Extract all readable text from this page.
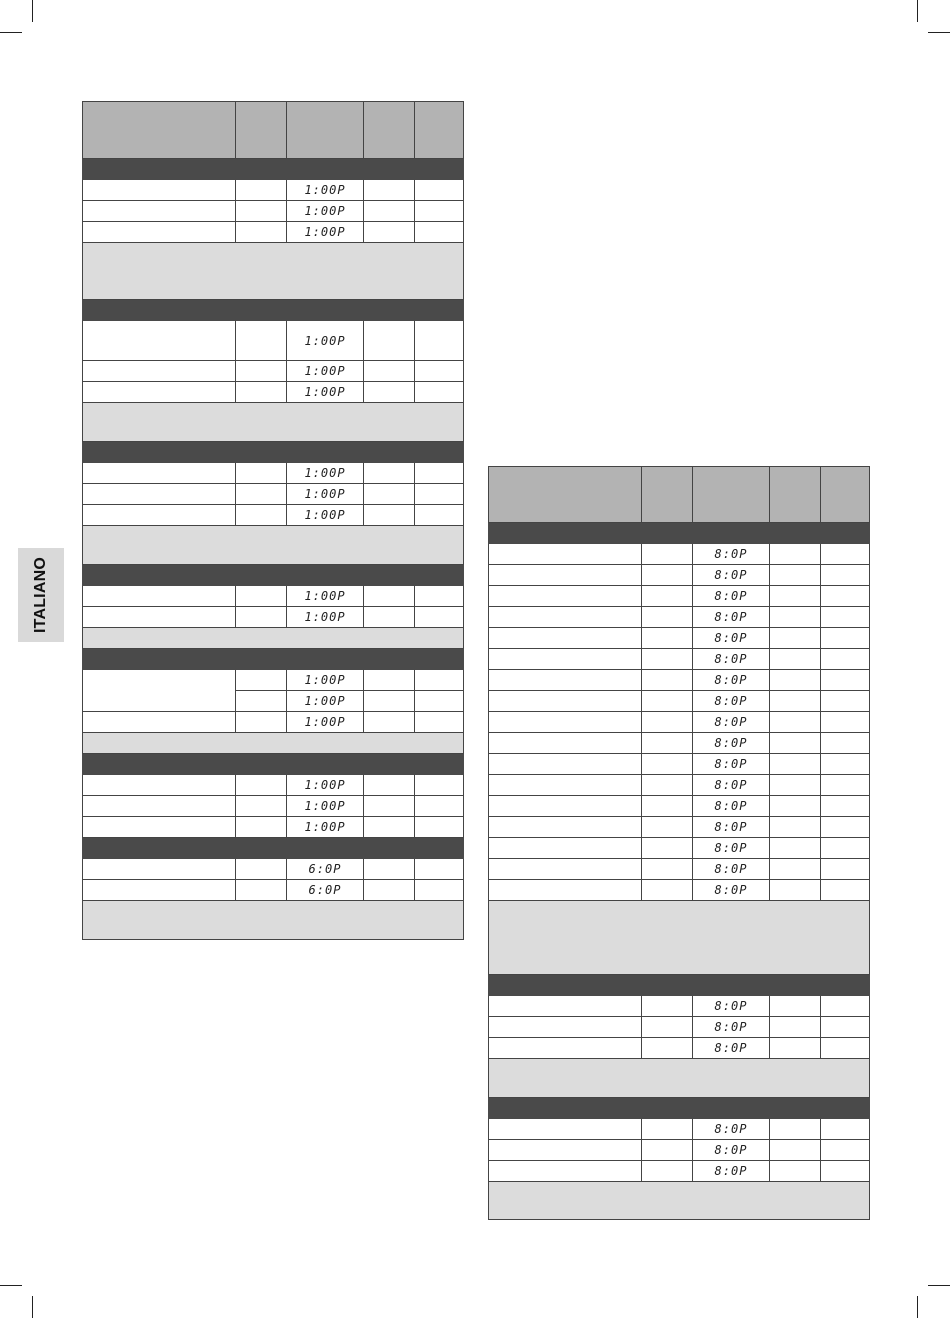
ITALIANO

		1:00P		
		1:00P		
		1:00P		

		1:00P		
		1:00P		
		1:00P		

		1:00P		
		1:00P		
		1:00P		

		1:00P		
		1:00P		

		1:00P		
		1:00P		
		1:00P		

		1:00P		
		1:00P		
		1:00P		

		6:0P		
		6:0P		

		8:0P		
		8:0P		
		8:0P		
		8:0P		
		8:0P		
		8:0P		
		8:0P		
		8:0P		
		8:0P		
		8:0P		
		8:0P		
		8:0P		
		8:0P		
		8:0P		
		8:0P		
		8:0P		
		8:0P		

		8:0P		
		8:0P		
		8:0P		

		8:0P		
		8:0P		
		8:0P		
